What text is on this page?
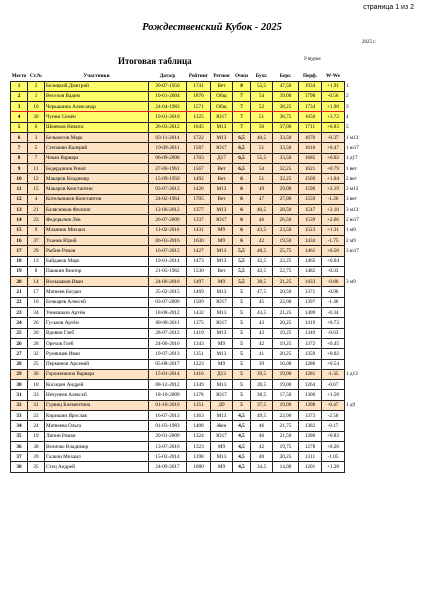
страница 1 из 2
Рождественский Кубок - 2025
2025 г.
Итоговая таблица	9 туров
Место	Ст.№	Участники	Дата/р	Рейтинг	Регион	Очки	Бухг.	Берг.	Перф.	W-We	
1	2	Белицкий Дмитрий	20-07-1950	1741	Вет	8	53,5	47,50	1934	+1.91	1
2	1	Веселов Вадим	10-01-2004	1876	Общ	7	54	39,00	1798	-0.56	2
3	10	Черкашина Александр	24-04-1983	1571	Общ	7	52	38,25	1734	+1.90	3
4	30	Чунин Семён	19-01-2010	1325	Ю17	7	51	38,75	1650	+3.72	4
5	6	Шевчков Никита	26-03-2012	1645	М13	7	50	37,00	1711	+0.83	5
6	3	Бельмесов Марк	03-11-2014	1722	М13	6,5	48,5	33,50	1670	-0.37	1 м13
7	5	Степанян Валерий	19-09-2011	1587	Ю17	6,5	51	33,50	1610	+0.47	1 ю17
8	7	Чекан Варвара	06-09-2008	1703	Д17	6,5	55,5	33,50	1685	+0.02	1 д17
9	11	Бедердинов Ринат	27-06-1961	1567	Вет	6,5	54	32,25	1621	+0.79	1 вет
10	12	Макаров Владимир	15-09-1950	1492	Вет	6	51	32,25	1569	+1.04	2 вет
11	15	Макаров Константин	03-07-2013	1426	М13	6	49	29,00	1596	+2.19	2 м13
12	4	Котельников Константин	24-02-1964	1705	Вет	6	47	27,00	1559	-1.26	3 вет
13	21	Балясников Филипп	12-06-2012	1377	М13	6	46,5	28,50	1547	+2.10	3 м13
14	23	Федорычев Лев	26-07-2009	1337	Ю17	6	46	26,50	1539	+2.66	2 ю17
15	9	Мланник Михаил	11-02-2016	1431	М9	6	43,5	23,50	1523	+1.31	1 м9
16	37	Уханов Юрий	06-03-2016	1630	М9	6	42	19,50	1434	-1.75	2 м9
17	29	Рыбин Роман	16-07-2015	1427	М13	5,5	48,5	25,75	1461	+0.50	3 ю17
18	13	Байдаков Марк	19-01-2014	1473	М13	5,5	42,5	22,25	1465	+0.04	
19	8	Пашкин Виктор	21-05-1962	1530	Вет	5,5	42,5	22,75	1482	-0.33	
20	14	Вольшаков Иван	24-06-2016	1497	М9	5,5	38,5	21,25	1433	-0.86	3 м9
21	17	Матвеев Богдан	25-02-2015	1469	М13	5	47,5	20,50	1371	-0.96	
22	16	Бочкарев Алексей	03-07-2009	1509	Ю17	5	45	22,00	1397	-1.46	
23	34	Умняшкин Артём	18-08-2012	1432	М13	5	43,5	21,25	1409	-0.34	
24	26	Гуськов Артём	08-08-2011	1375	Ю17	5	43	20,25	1419	+0.73	
25	20	Вдовин Глеб	28-07-2012	1419	М13	5	43	19,25	1349	-0.63	
26	28	Орехов Глеб	24-06-2016	1343	М9	5	42	19,25	1372	+0.45	
27	32	Румянцев Иван	19-07-2013	1351	М13	5	41	20,25	1359	+0.02	
28	25	Перминов Арсений	05-08-2017	1223	М9	5	39	16,00	1286	+0.54	
29	36	Гороженкина Варвара	15-01-2014	1416	Д13	5	39,5	19,00	1281	-1.35	1 д13
30	18	Косицин Андрей	08-12-2012	1349	М13	5	39,5	19,00	1264	-0.67	
31	33	Нечунеев Алексей	18-10-2009	1178	Ю17	5	38,5	17,50	1306	+1.58	
32	31	Гурвиц Клементина	01-10-2016	1351	Д9	5	37,5	19,00	1308	-0.47	1 д9
33	22	Киришин Ярослав	16-07-2013	1363	М13	4,5	49,5	22,00	1373	-2.56	
34	24	Матвеева Ольга	01-03-1983	1408	Жен	4,5	46	21,75	1382	-0.17	
35	19	Липин Роман	20-01-2009	1324	Ю17	4,5	46	21,50	1380	+0.83	
36	38	Величко Владимир	13-07-2016	1323	М9	4,5	42	19,75	1278	+0.26	
37	39	Галкин Михаил	15-02-2014	1398	М13	4,5	40	20,25	1311	-1.05	
38	35	Стец Андрей	24-09-2017	1080	М9	4,5	34,5	14,00	1201	+1.28	
